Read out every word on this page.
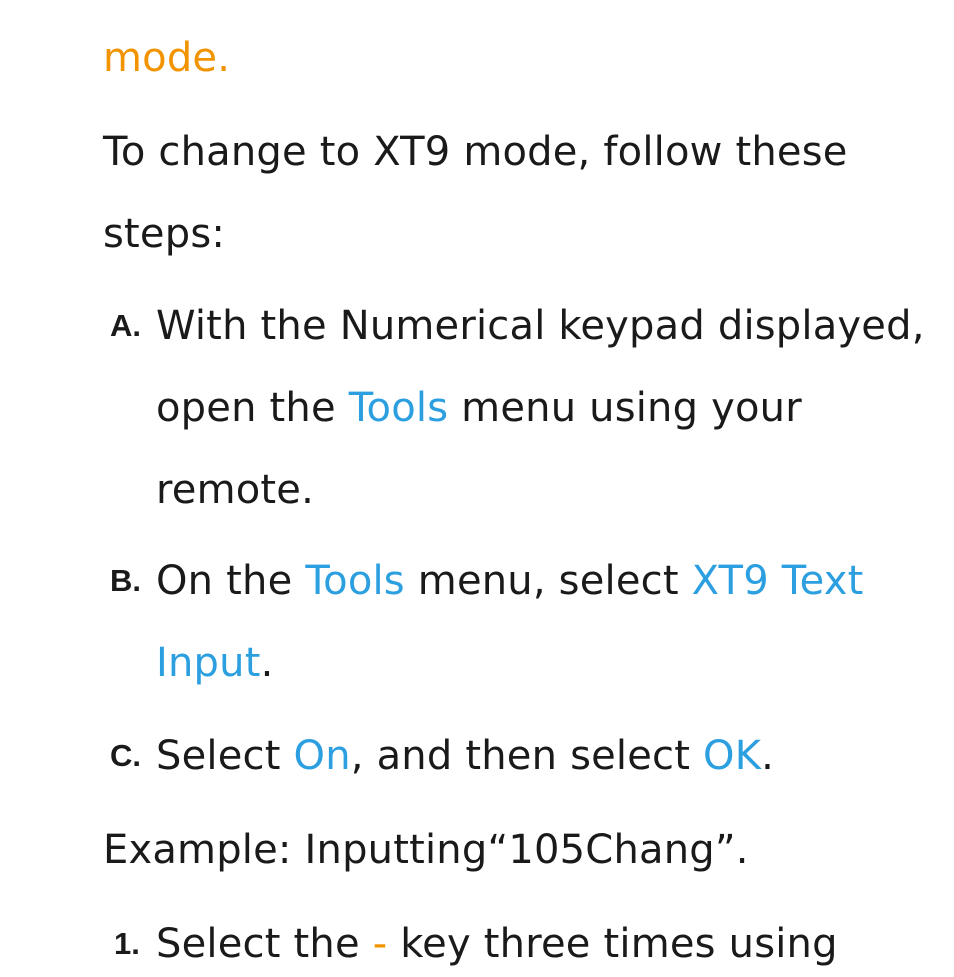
mode.
To change to XT9 mode, follow these
steps:
A. With the Numerical keypad displayed,
open the Tools menu using your
remote.
B. On the Tools menu, select XT9 Text
Input.
C. Select On, and then select OK.
Example: Inputting“105Chang”.
1. Select the - key three times using
